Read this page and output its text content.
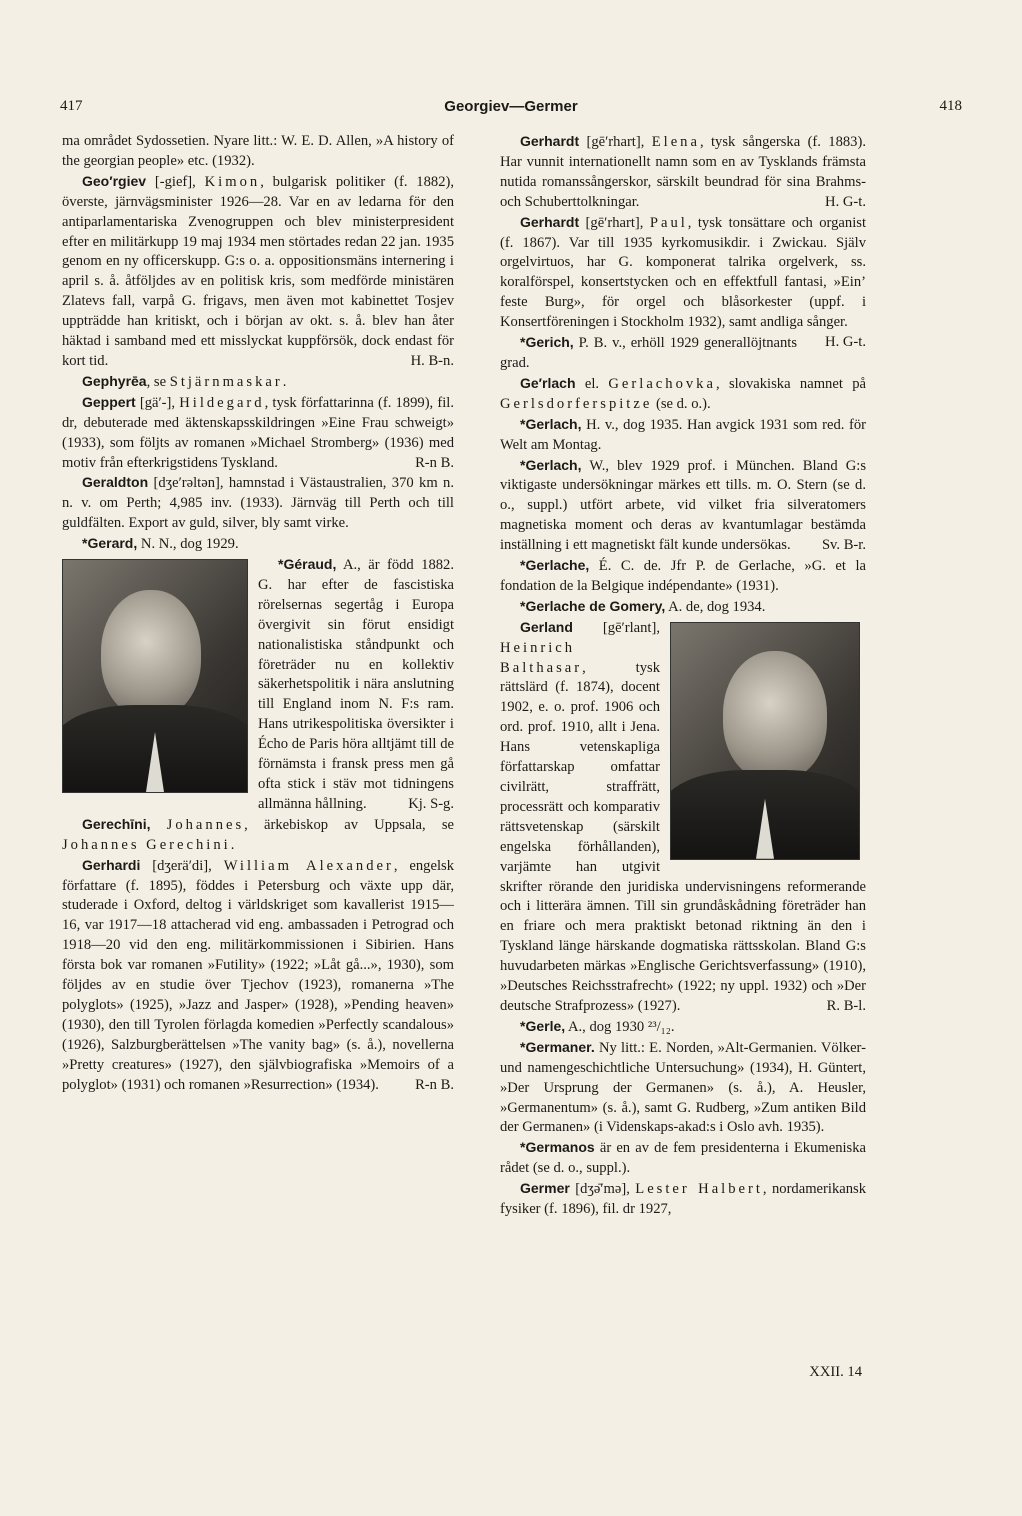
417	Georgiev—Germer	418

ma området Sydossetien. Nyare litt.: W. E. D. Allen, »A history of the georgian people» etc. (1932).

Geo′rgiev [-gief], Kimon, bulgarisk politiker (f. 1882), överste, järnvägsminister 1926—28. Var en av ledarna för den antiparlamentariska Zvenogruppen och blev ministerpresident efter en militärkupp 19 maj 1934 men störtades redan 22 jan. 1935 genom en ny officerskupp. G:s o. a. oppositionsmäns internering i april s. å. åtföljdes av en politisk kris, som medförde ministären Zlatevs fall, varpå G. frigavs, men även mot kabinettet Tosjev uppträdde han kritiskt, och i början av okt. s. å. blev han åter häktad i samband med ett misslyckat kuppförsök, dock endast för kort tid.	H. B-n.

Gephyrēa, se Stjärnmaskar.

Geppert [gä′-], Hildegard, tysk författarinna (f. 1899), fil. dr, debuterade med äktenskapsskildringen »Eine Frau schweigt» (1933), som följts av romanen »Michael Stromberg» (1936) med motiv från efterkrigstidens Tyskland.	R-n B.

Geraldton [dʒe′rəltən], hamnstad i Västaustralien, 370 km n. n. v. om Perth; 4,985 inv. (1933). Järnväg till Perth och till guldfälten. Export av guld, silver, bly samt virke.

*Gerard, N. N., dog 1929.

*Géraud, A., är född 1882. G. har efter de fascistiska rörelsernas segertåg i Europa övergivit sin förut ensidigt nationalistiska ståndpunkt och företräder nu en kollektiv säkerhetspolitik i nära anslutning till England inom N. F:s ram. Hans utrikespolitiska översikter i Écho de Paris höra alltjämt till de förnämsta i fransk press men gå ofta stick i stäv mot tidningens allmänna hållning.	Kj. S-g.

Gerechīni, Johannes, ärkebiskop av Uppsala, se Johannes Gerechini.

Gerhardi [dʒerä′di], William Alexander, engelsk författare (f. 1895), föddes i Petersburg och växte upp där, studerade i Oxford, deltog i världskriget som kavallerist 1915—16, var 1917—18 attacherad vid eng. ambassaden i Petrograd och 1918—20 vid den eng. militärkommissionen i Sibirien. Hans första bok var romanen »Futility» (1922; »Låt gå...», 1930), som följdes av en studie över Tjechov (1923), romanerna »The polyglots» (1925), »Jazz and Jasper» (1928), »Pending heaven» (1930), den till Tyrolen förlagda komedien »Perfectly scandalous» (1926), Salzburgberättelsen »The vanity bag» (s. å.), novellerna »Pretty creatures» (1927), den självbiografiska »Memoirs of a polyglot» (1931) och romanen »Resurrection» (1934).	R-n B.

Gerhardt [gē′rhart], Elena, tysk sångerska (f. 1883). Har vunnit internationellt namn som en av Tysklands främsta nutida romanssångerskor, särskilt beundrad för sina Brahms- och Schuberttolkningar.	H. G-t.

Gerhardt [gē′rhart], Paul, tysk tonsättare och organist (f. 1867). Var till 1935 kyrkomusikdir. i Zwickau. Själv orgelvirtuos, har G. komponerat talrika orgelverk, ss. koralförspel, konsertstycken och en effektfull fantasi, »Ein’ feste Burg», för orgel och blåsorkester (uppf. i Konsertföreningen i Stockholm 1932), samt andliga sånger.
H. G-t.

*Gerich, P. B. v., erhöll 1929 generallöjtnants grad.

Ge′rlach el. Gerlachovka, slovakiska namnet på Gerlsdorferspitze (se d. o.).

*Gerlach, H. v., dog 1935. Han avgick 1931 som red. för Welt am Montag.

*Gerlach, W., blev 1929 prof. i München. Bland G:s viktigaste undersökningar märkes ett tills. m. O. Stern (se d. o., suppl.) utfört arbete, vid vilket fria silveratomers magnetiska moment och deras av kvantumlagar bestämda inställning i ett magnetiskt fält kunde undersökas.	Sv. B-r.

*Gerlache, É. C. de. Jfr P. de Gerlache, »G. et la fondation de la Belgique indépendante» (1931).

*Gerlache de Gomery, A. de, dog 1934.

Gerland [gē′rlant], Heinrich Balthasar, tysk rättslärd (f. 1874), docent 1902, e. o. prof. 1906 och ord. prof. 1910, allt i Jena. Hans vetenskapliga författarskap omfattar civilrätt, straffrätt, processrätt och komparativ rättsvetenskap (särskilt engelska förhållanden), varjämte han utgivit skrifter rörande den juridiska undervisningens reformerande och i litterära ämnen. Till sin grundåskådning företräder han en friare och mera praktiskt betonad riktning än den i Tyskland länge härskande dogmatiska rättsskolan. Bland G:s huvudarbeten märkas »Englische Gerichtsverfassung» (1910), »Deutsches Reichsstrafrecht» (1922; ny uppl. 1932) och »Der deutsche Strafprozess» (1927).	R. B-l.

*Gerle, A., dog 1930 ²³/₁₂.

*Germaner. Ny litt.: E. Norden, »Alt-Germanien. Völker- und namengeschichtliche Untersuchung» (1934), H. Güntert, »Der Ursprung der Germanen» (s. å.), A. Heusler, »Germanentum» (s. å.), samt G. Rudberg, »Zum antiken Bild der Germanen» (i Videnskaps-akad:s i Oslo avh. 1935).

*Germanos är en av de fem presidenterna i Ekumeniska rådet (se d. o., suppl.).

Germer [dʒə̄′mə], Lester Halbert, nordamerikansk fysiker (f. 1896), fil. dr 1927,

XXII. 14
